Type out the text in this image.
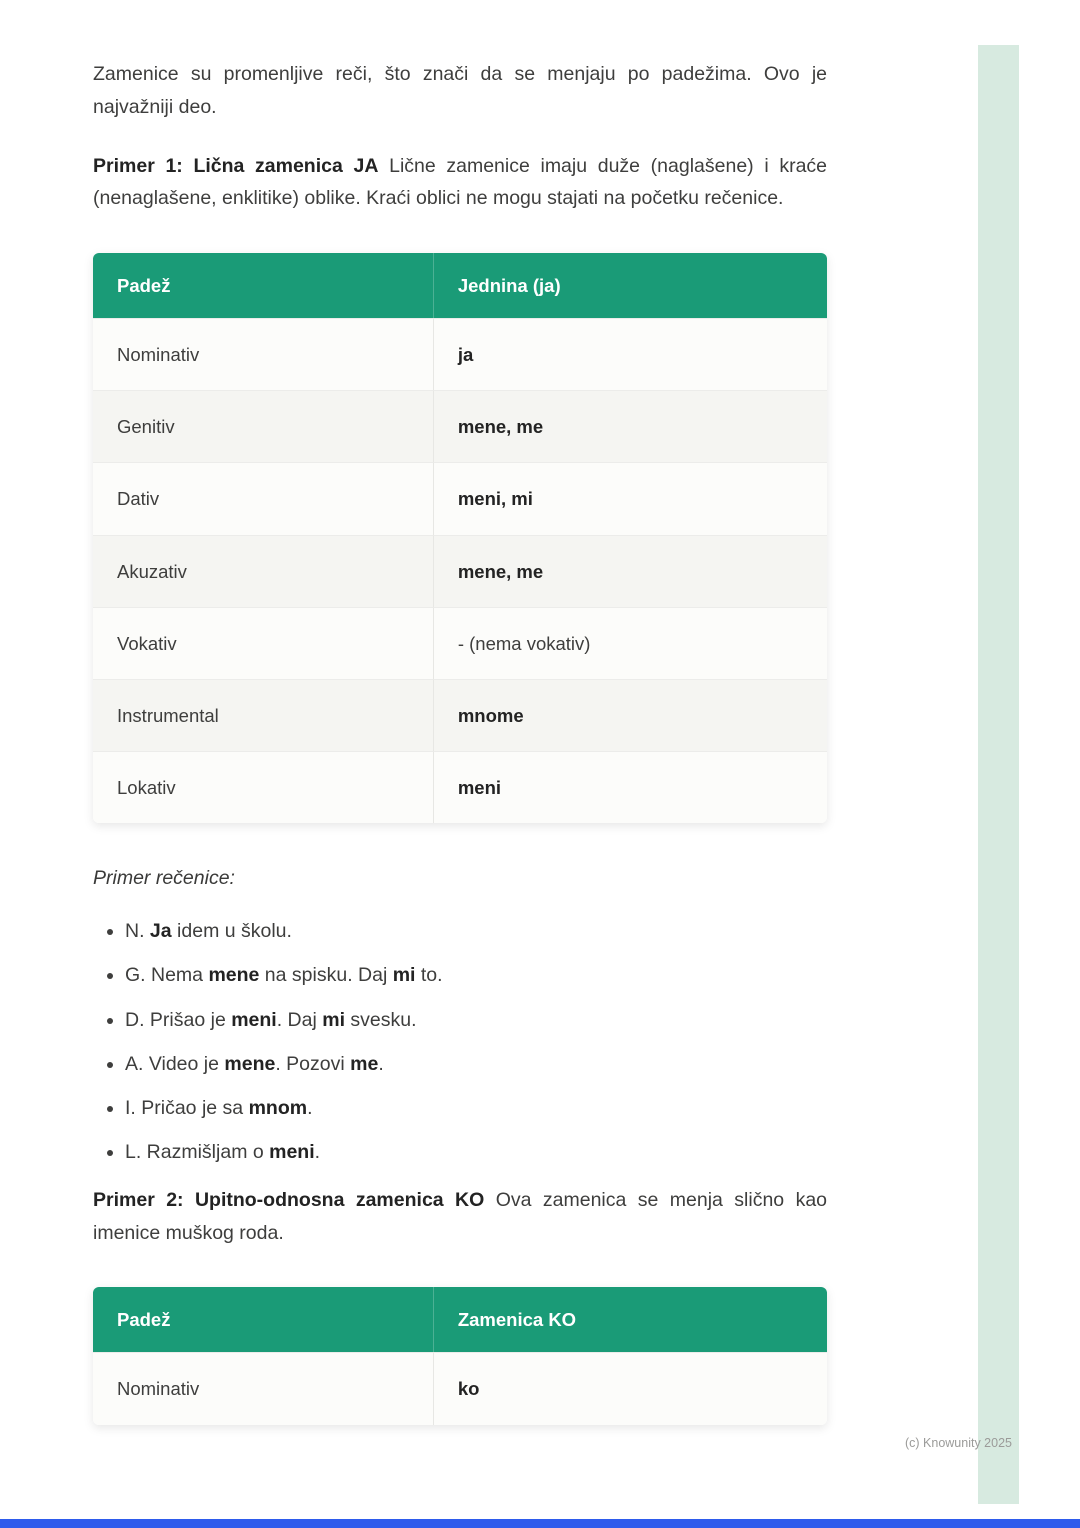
Zamenice su promenljive reči, što znači da se menjaju po padežima. Ovo je najvažniji deo.

Primer 1: Lična zamenica JA Lične zamenice imaju duže (naglašene) i kraće (nenaglašene, enklitike) oblike. Kraći oblici ne mogu stajati na početku rečenice.

Padež	Jednina (ja)
Nominativ	ja
Genitiv	mene, me
Dativ	meni, mi
Akuzativ	mene, me
Vokativ	- (nema vokativ)
Instrumental	mnome
Lokativ	meni

Primer rečenice:

• N. Ja idem u školu.
• G. Nema mene na spisku. Daj mi to.
• D. Prišao je meni. Daj mi svesku.
• A. Video je mene. Pozovi me.
• I. Pričao je sa mnom.
• L. Razmišljam o meni.

Primer 2: Upitno-odnosna zamenica KO Ova zamenica se menja slično kao imenice muškog roda.

Padež	Zamenica KO
Nominativ	ko
(c) Knowunity 2025
